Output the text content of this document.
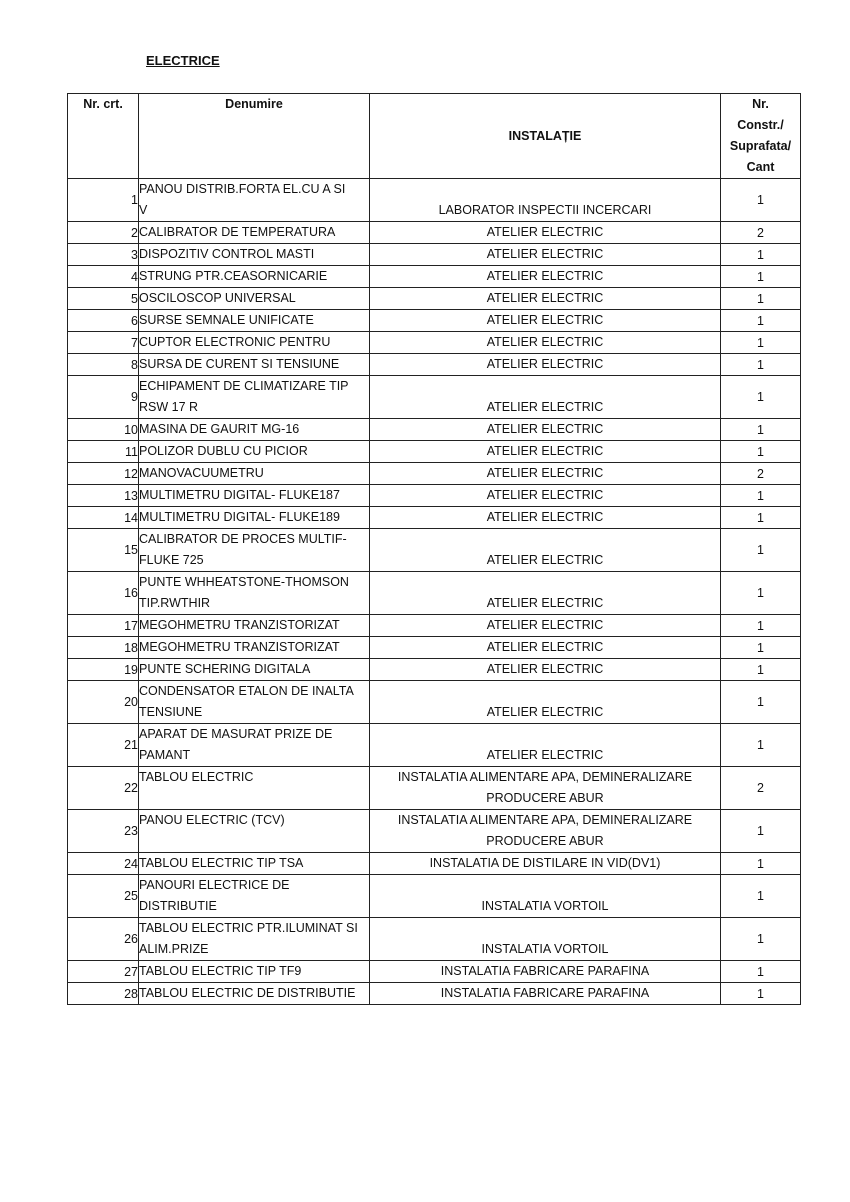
ELECTRICE
Nr. crt.	Denumire	INSTALAȚIE	Nr.
Constr./
Suprafata/
Cant

1	PANOU DISTRIB.FORTA EL.CU A SI
V	LABORATOR INSPECTII INCERCARI	1
2	CALIBRATOR DE TEMPERATURA	ATELIER ELECTRIC	2
3	DISPOZITIV CONTROL MASTI	ATELIER ELECTRIC	1
4	STRUNG PTR.CEASORNICARIE	ATELIER ELECTRIC	1
5	OSCILOSCOP UNIVERSAL	ATELIER ELECTRIC	1
6	SURSE SEMNALE UNIFICATE	ATELIER ELECTRIC	1
7	CUPTOR ELECTRONIC PENTRU	ATELIER ELECTRIC	1
8	SURSA DE CURENT SI TENSIUNE	ATELIER ELECTRIC	1
9	ECHIPAMENT DE CLIMATIZARE TIP
RSW 17 R	ATELIER ELECTRIC	1
10	MASINA DE GAURIT MG-16	ATELIER ELECTRIC	1
11	POLIZOR DUBLU CU PICIOR	ATELIER ELECTRIC	1
12	MANOVACUUMETRU	ATELIER ELECTRIC	2
13	MULTIMETRU DIGITAL- FLUKE187	ATELIER ELECTRIC	1
14	MULTIMETRU DIGITAL- FLUKE189	ATELIER ELECTRIC	1
15	CALIBRATOR DE PROCES MULTIF-
FLUKE 725	ATELIER ELECTRIC	1
16	PUNTE WHHEATSTONE-THOMSON
TIP.RWTHIR	ATELIER ELECTRIC	1
17	MEGOHMETRU TRANZISTORIZAT	ATELIER ELECTRIC	1
18	MEGOHMETRU TRANZISTORIZAT	ATELIER ELECTRIC	1
19	PUNTE SCHERING DIGITALA	ATELIER ELECTRIC	1
20	CONDENSATOR ETALON DE INALTA
TENSIUNE	ATELIER ELECTRIC	1
21	APARAT DE MASURAT PRIZE DE
PAMANT	ATELIER ELECTRIC	1
22	TABLOU ELECTRIC	INSTALATIA ALIMENTARE APA, DEMINERALIZARE
PRODUCERE ABUR	2
23	PANOU ELECTRIC (TCV)	INSTALATIA ALIMENTARE APA, DEMINERALIZARE
PRODUCERE ABUR	1
24	TABLOU ELECTRIC TIP TSA	INSTALATIA DE DISTILARE IN VID(DV1)	1
25	PANOURI ELECTRICE DE
DISTRIBUTIE	INSTALATIA VORTOIL	1
26	TABLOU ELECTRIC PTR.ILUMINAT SI
ALIM.PRIZE	INSTALATIA VORTOIL	1
27	TABLOU ELECTRIC TIP TF9	INSTALATIA FABRICARE PARAFINA	1
28	TABLOU ELECTRIC DE DISTRIBUTIE	INSTALATIA FABRICARE PARAFINA	1
